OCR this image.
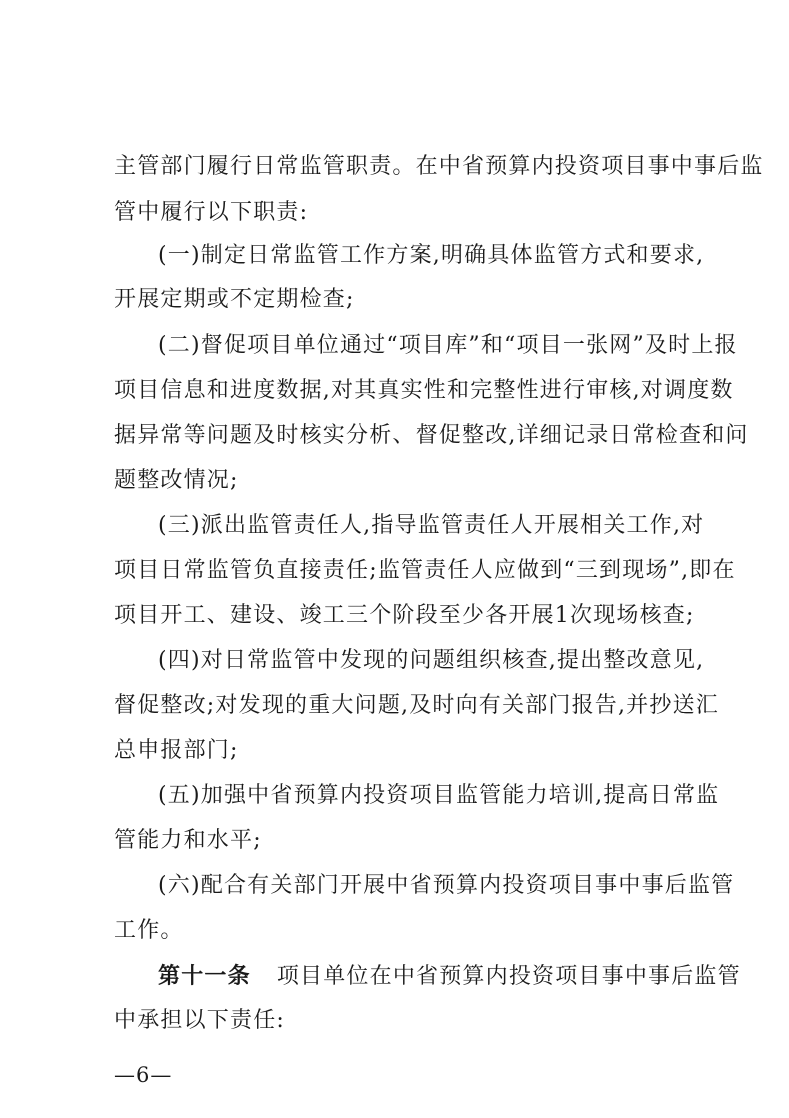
主管部门履行日常监管职责。在中省预算内投资项目事中事后监
管中履行以下职责:
(一)制定日常监管工作方案,明确具体监管方式和要求,
开展定期或不定期检查;
(二)督促项目单位通过“项目库”和“项目一张网”及时上报
项目信息和进度数据,对其真实性和完整性进行审核,对调度数
据异常等问题及时核实分析、督促整改,详细记录日常检查和问
题整改情况;
(三)派出监管责任人,指导监管责任人开展相关工作,对
项目日常监管负直接责任;监管责任人应做到“三到现场”,即在
项目开工、建设、竣工三个阶段至少各开展1次现场核查;
(四)对日常监管中发现的问题组织核查,提出整改意见,
督促整改;对发现的重大问题,及时向有关部门报告,并抄送汇
总申报部门;
(五)加强中省预算内投资项目监管能力培训,提高日常监
管能力和水平;
(六)配合有关部门开展中省预算内投资项目事中事后监管
工作。
第十一条 项目单位在中省预算内投资项目事中事后监管
中承担以下责任:
—6—
